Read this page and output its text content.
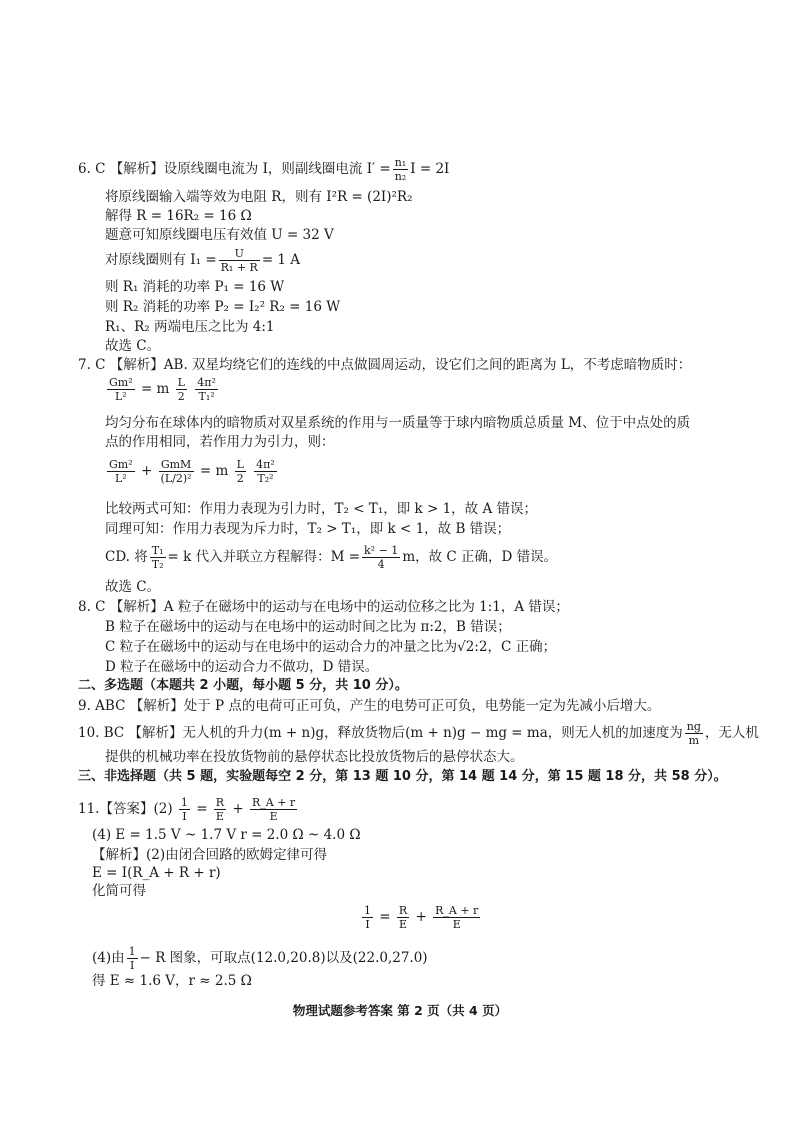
6. C 【解析】设原线圈电流为 I，则副线圈电流 $I' = \frac{\text{n₁}}{\text{n₂}}$ I = 2I
将原线圈输入端等效为电阻 R，则有 I²R = (2I)²R₂
解得 R = 16R₂ = 16 Ω
题意可知原线圈电压有效值 U = 32 V
对原线圈则有 $I_1 = \frac{U}{\text{R₁ + R}} = 1$ A
则 R₁ 消耗的功率 P₁ = 16 W
则 R₂ 消耗的功率 P₂ = I₂² R₂ = 16 W
R₁、R₂ 两端电压之比为 4:1
故选 C。
7. C 【解析】AB. 双星均绕它们的连线的中点做圆周运动，设它们之间的距离为 L，不考虑暗物质时：
$\frac{\text{Gm²}}{\text{L²}} = m \frac{L}{2}$
$\frac{\text{4π²}}{\text{T₁²}}$
均匀分布在球体内的暗物质对双星系统的作用与一质量等于球内暗物质总质量 M、位于中点处的质
点的作用相同，若作用力为引力，则：
$\frac{\text{Gm²}}{\text{L²}} + \frac{\text{GmM}}{\text{(L/2)²}} = m \frac{L}{2}$
$\frac{\text{4π²}}{\text{T₂²}}$
比较两式可知：作用力表现为引力时，T₂ < T₁，即 k > 1，故 A 错误；
同理可知：作用力表现为斥力时，T₂ > T₁，即 k < 1，故 B 错误；
CD. 将 $\frac{\text{T₁}}{\text{T₂}} = k$ 代入并联立方程解得：$M = \frac{\text{k² − 1}}{4}$ m，故 C 正确，D 错误。
故选 C。
8. C 【解析】A 粒子在磁场中的运动与在电场中的运动位移之比为 1:1，A 错误；
B 粒子在磁场中的运动与在电场中的运动时间之比为 π:2，B 错误；
C 粒子在磁场中的运动与在电场中的运动合力的冲量之比为√2:2，C 正确；
D 粒子在磁场中的运动合力不做功，D 错误。
二、多选题（本题共 2 小题，每小题 5 分，共 10 分）。
9. ABC 【解析】处于 P 点的电荷可正可负，产生的电势可正可负，电势能一定为先减小后增大。
10. BC 【解析】无人机的升力(m + n)g，释放货物后(m + n)g − mg = ma，则无人机的加速度为 $\frac{ng}{m}$ ，无人机
提供的机械功率在投放货物前的悬停状态比投放货物后的悬停状态大。
三、非选择题（共 5 题，实验题每空 2 分，第 13 题 10 分，第 14 题 14 分，第 15 题 18 分，共 58 分）。
11.【答案】$(2) \frac{1}{I} = \frac{R}{E} + \frac{R\_A + r}{E}$
(4) E = 1.5 V ~ 1.7 V r = 2.0 Ω ~ 4.0 Ω
【解析】(2)由闭合回路的欧姆定律可得
E = I(R_A + R + r)
化简可得
$\frac{1}{I} = \frac{R}{E} + \frac{R\_A + r}{E}$
(4)由 $\frac{1}{I} - R$ 图象，可取点(12.0,20.8)以及(22.0,27.0)
得 E ≈ 1.6 V，r ≈ 2.5 Ω
物理试题参考答案 第 2 页（共 4 页）
